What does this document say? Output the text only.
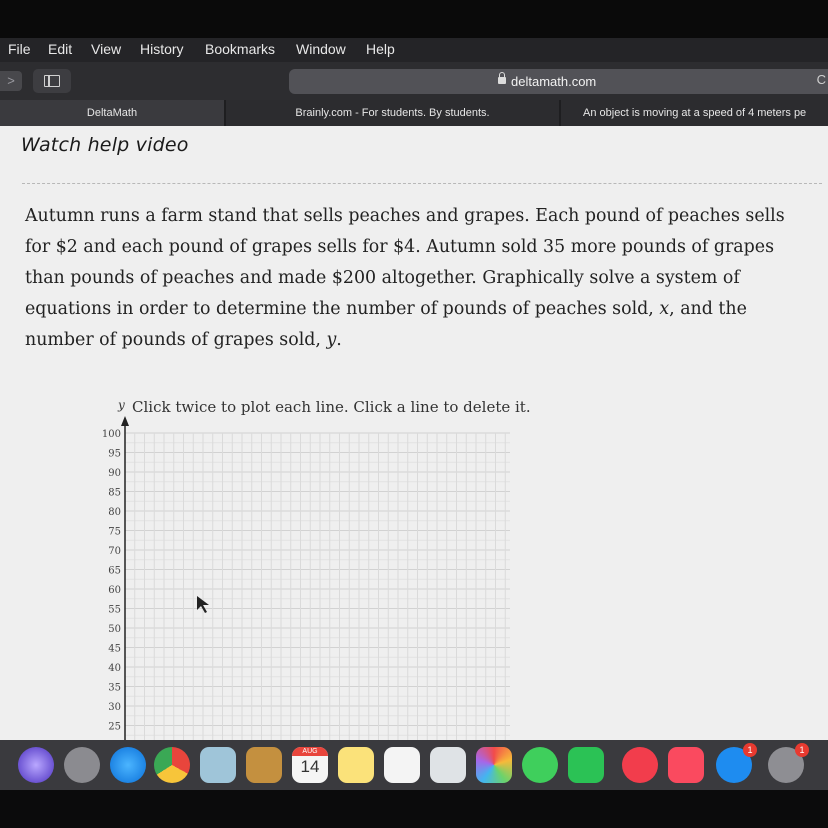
File Edit View History Bookmarks Window Help
>	deltamath.com	C
DeltaMath	Brainly.com - For students. By students.	An object is moving at a speed of 4 meters pe
Watch help video
Autumn runs a farm stand that sells peaches and grapes. Each pound of peaches sells
for $2 and each pound of grapes sells for $4. Autumn sold 35 more pounds of grapes
than pounds of peaches and made $200 altogether. Graphically solve a system of
equations in order to determine the number of pounds of peaches sold, 𝑥, and the
number of pounds of grapes sold, 𝑦.
100
95
90
85
80
75
70
65
60
55
50
45
40
35
30
25
y Click twice to plot each line. Click a line to delete it.
AUG
14
1	1
